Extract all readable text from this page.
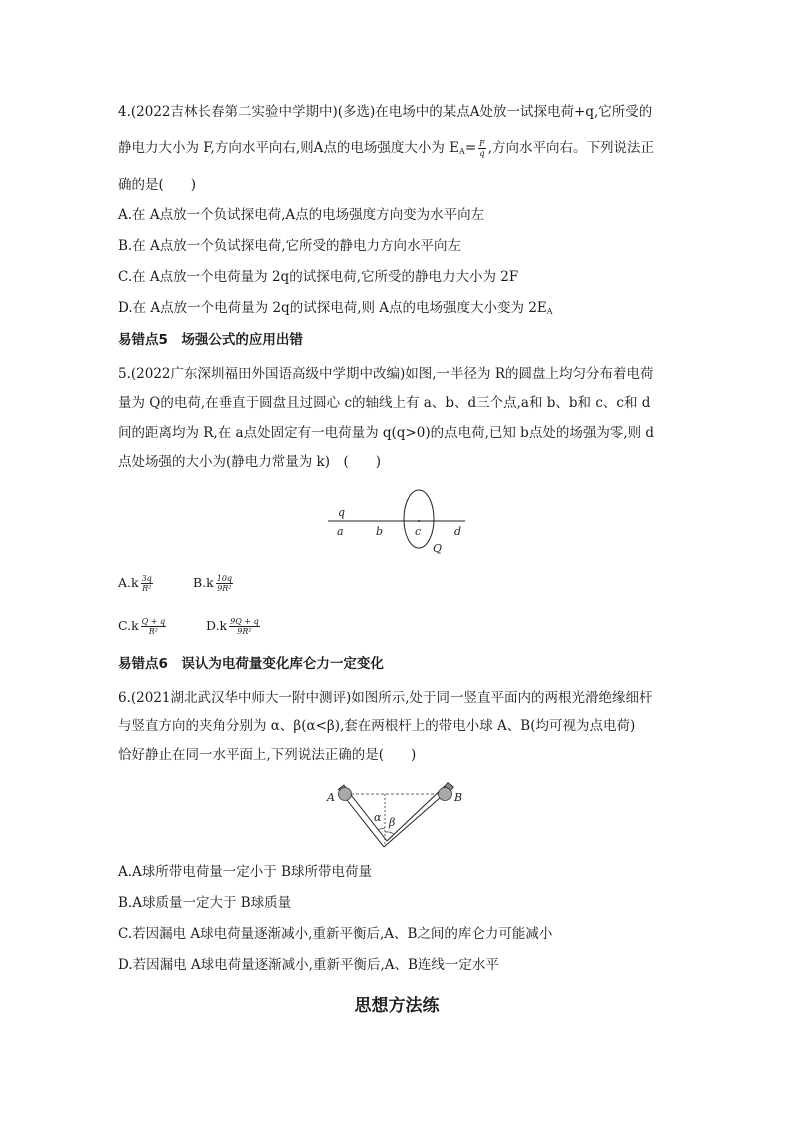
4.(2022吉林长春第二实验中学期中)(多选)在电场中的某点A处放一试探电荷+q,它所受的
静电力大小为 F,方向水平向右,则A点的电场强度大小为 $E_A= \frac{F}{q}$ ,方向水平向右。下列说法正
确的是(　　)
A.在 A点放一个负试探电荷,A点的电场强度方向变为水平向左
B.在 A点放一个负试探电荷,它所受的静电力方向水平向左
C.在 A点放一个电荷量为 2q的试探电荷,它所受的静电力大小为 2F
D.在 A点放一个电荷量为 2q的试探电荷,则 A点的电场强度大小变为 $2E_A$
易错点5　场强公式的应用出错
5.(2022广东深圳福田外国语高级中学期中改编)如图,一半径为 R的圆盘上均匀分布着电荷
量为 Q的电荷,在垂直于圆盘且过圆心 c的轴线上有 a、b、d三个点,a和 b、b和 c、c和 d
间的距离均为 R,在 a点处固定有一电荷量为 q(q>0)的点电荷,已知 b点处的场强为零,则 d
点处场强的大小为(静电力常量为 k)　(　　)
q
a	b	c	d
Q
$A.k \frac{3q}{\text{R²}}$	$B.k \frac{10q}{\text{9R²}}$
$C.k \frac{Q + q}{\text{R²}}$	$D.k \frac{9Q + q}{\text{9R²}}$
易错点6　误认为电荷量变化库仑力一定变化
6.(2021湖北武汉华中师大一附中测评)如图所示,处于同一竖直平面内的两根光滑绝缘细杆
与竖直方向的夹角分别为 α、β(α<β),套在两根杆上的带电小球 A、B(均可视为点电荷)
恰好静止在同一水平面上,下列说法正确的是(　　)
A	B
α β
A.A球所带电荷量一定小于 B球所带电荷量
B.A球质量一定大于 B球质量
C.若因漏电 A球电荷量逐渐减小,重新平衡后,A、B之间的库仑力可能减小
D.若因漏电 A球电荷量逐渐减小,重新平衡后,A、B连线一定水平
思想方法练
